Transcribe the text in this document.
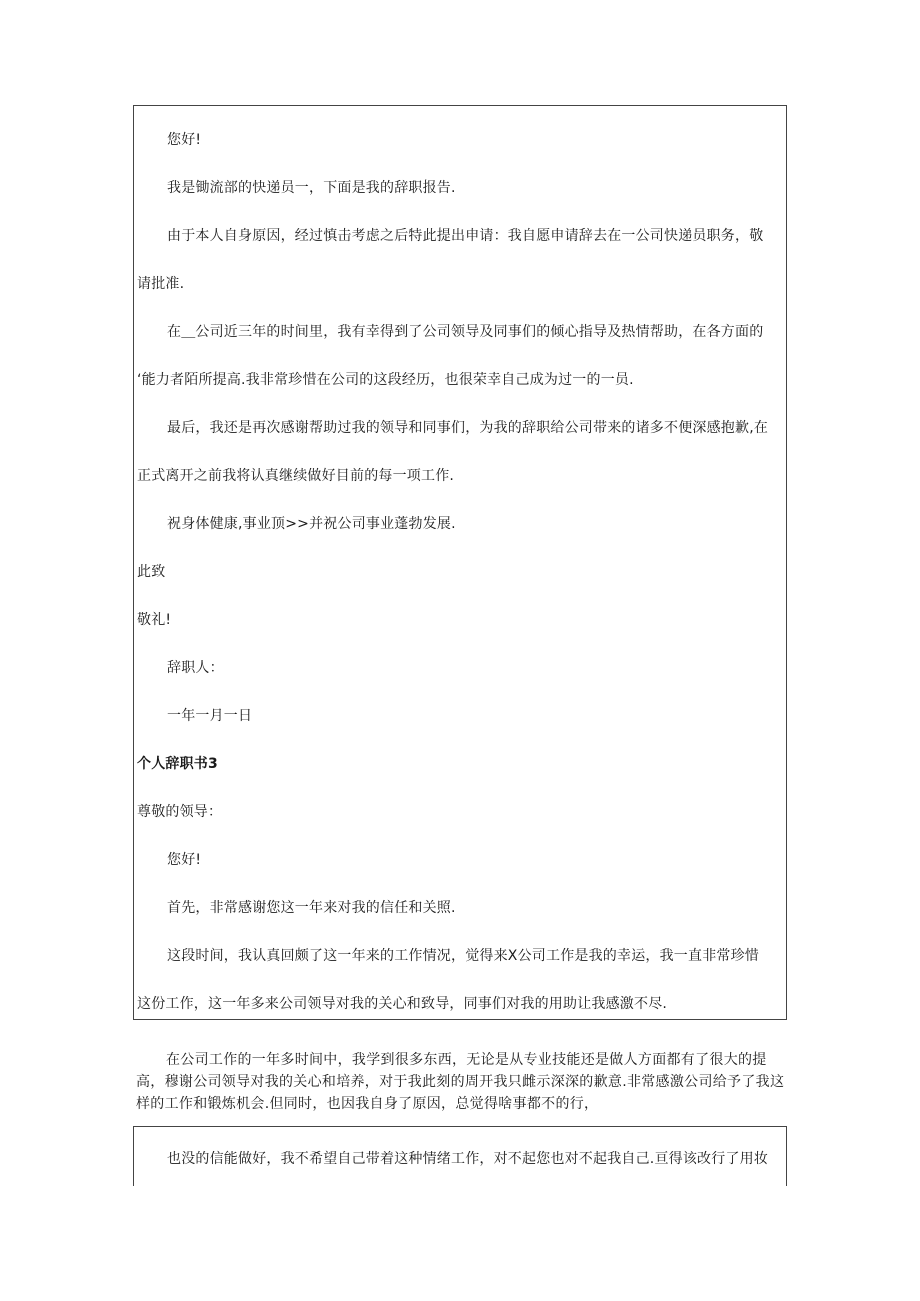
您好!
我是锄流部的快递员一，下面是我的辞职报告.
由于本人自身原因，经过慎击考虑之后特此提出申请：我自愿申请辞去在一公司快递员职务，敬
请批准.
在＿公司近三年的时间里，我有幸得到了公司领导及同事们的倾心指导及热情帮助，在各方面的
‘能力者陌所提高.我非常珍惜在公司的这段经历，也很荣幸自己成为过一的一员.
最后，我还是再次感谢帮助过我的领导和同事们，为我的辞职给公司带来的诸多不便深感抱歉,在
正式离开之前我将认真继续做好目前的每一项工作.
祝身体健康,事业顶>>并祝公司事业蓬勃发展.
此致
敬礼!
辞职人：
一年一月一日
个人辞职书3
尊敬的领导：
您好!
首先，非常感谢您这一年来对我的信任和关照.
这段时间，我认真回颇了这一年来的工作情况，觉得来X公司工作是我的幸运，我一直非常珍惜
这份工作，这一年多来公司领导对我的关心和致导，同事们对我的用助让我感激不尽.

在公司工作的一年多时间中，我学到很多东西，无论是从专业技能还是做人方面都有了很大的提高，穆谢公司领导对我的关心和培养，对于我此刻的周开我只雌示深深的歉意.非常感激公司给予了我这样的工作和锻炼机会.但同时，也因我自身了原因，总觉得啥事都不的行，

也没的信能做好，我不希望自己带着这种情绪工作，对不起您也对不起我自己.亘得该改行了用妆
